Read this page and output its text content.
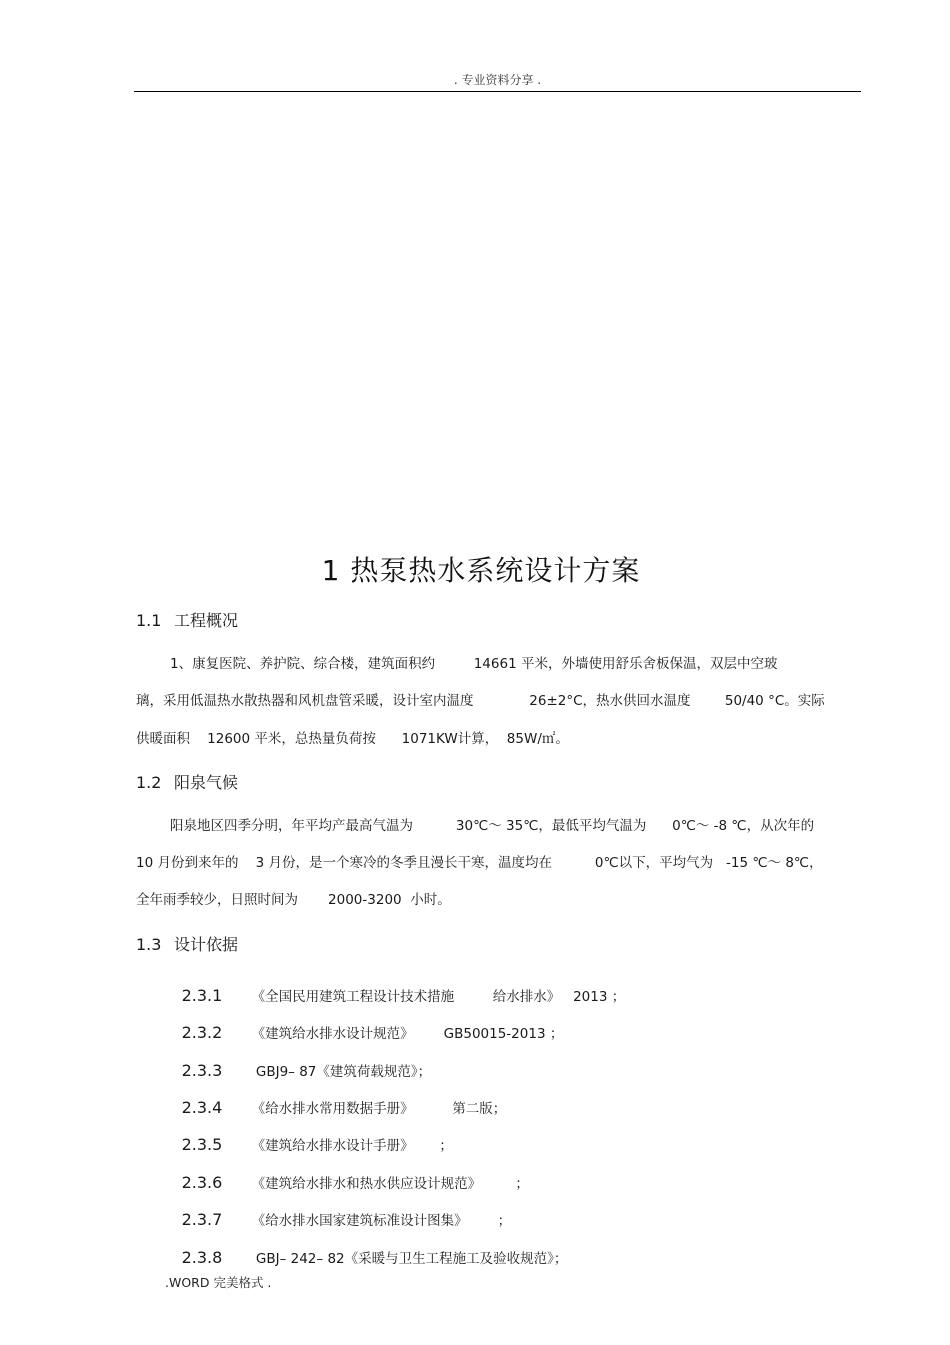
. 专业资料分享 .
1 热泵热水系统设计方案
1.1 工程概况
1、康复医院、养护院、综合楼，建筑面积约         14661 平米，外墙使用舒乐舍板保温，双层中空玻
璃，采用低温热水散热器和风机盘管采暖，设计室内温度             26±2°C，热水供回水温度        50/40 °C。实际
供暖面积    12600 平米，总热量负荷按      1071KW计算，  85W/㎡。
1.2 阳泉气候
阳泉地区四季分明，年平均产最高气温为          30℃～ 35℃，最低平均气温为      0℃～ -8 ℃，从次年的
10 月份到来年的    3 月份，是一个寒冷的冬季且漫长干寒，温度均在          0℃以下，平均气为   -15 ℃～ 8℃，
全年雨季较少，日照时间为       2000-3200  小时。
1.3 设计依据

2.3.1 《全国民用建筑工程设计技术措施         给水排水》   2013 ；

2.3.2 《建筑给水排水设计规范》       GB50015-2013 ；

2.3.3 GBJ9– 87《建筑荷载规范》；

2.3.4 《给水排水常用数据手册》         第二版；

2.3.5 《建筑给水排水设计手册》      ；

2.3.6 《建筑给水排水和热水供应设计规范》        ；

2.3.7 《给水排水国家建筑标准设计图集》       ；

2.3.8 GBJ– 242– 82《采暖与卫生工程施工及验收规范》；

.WORD 完美格式 .
